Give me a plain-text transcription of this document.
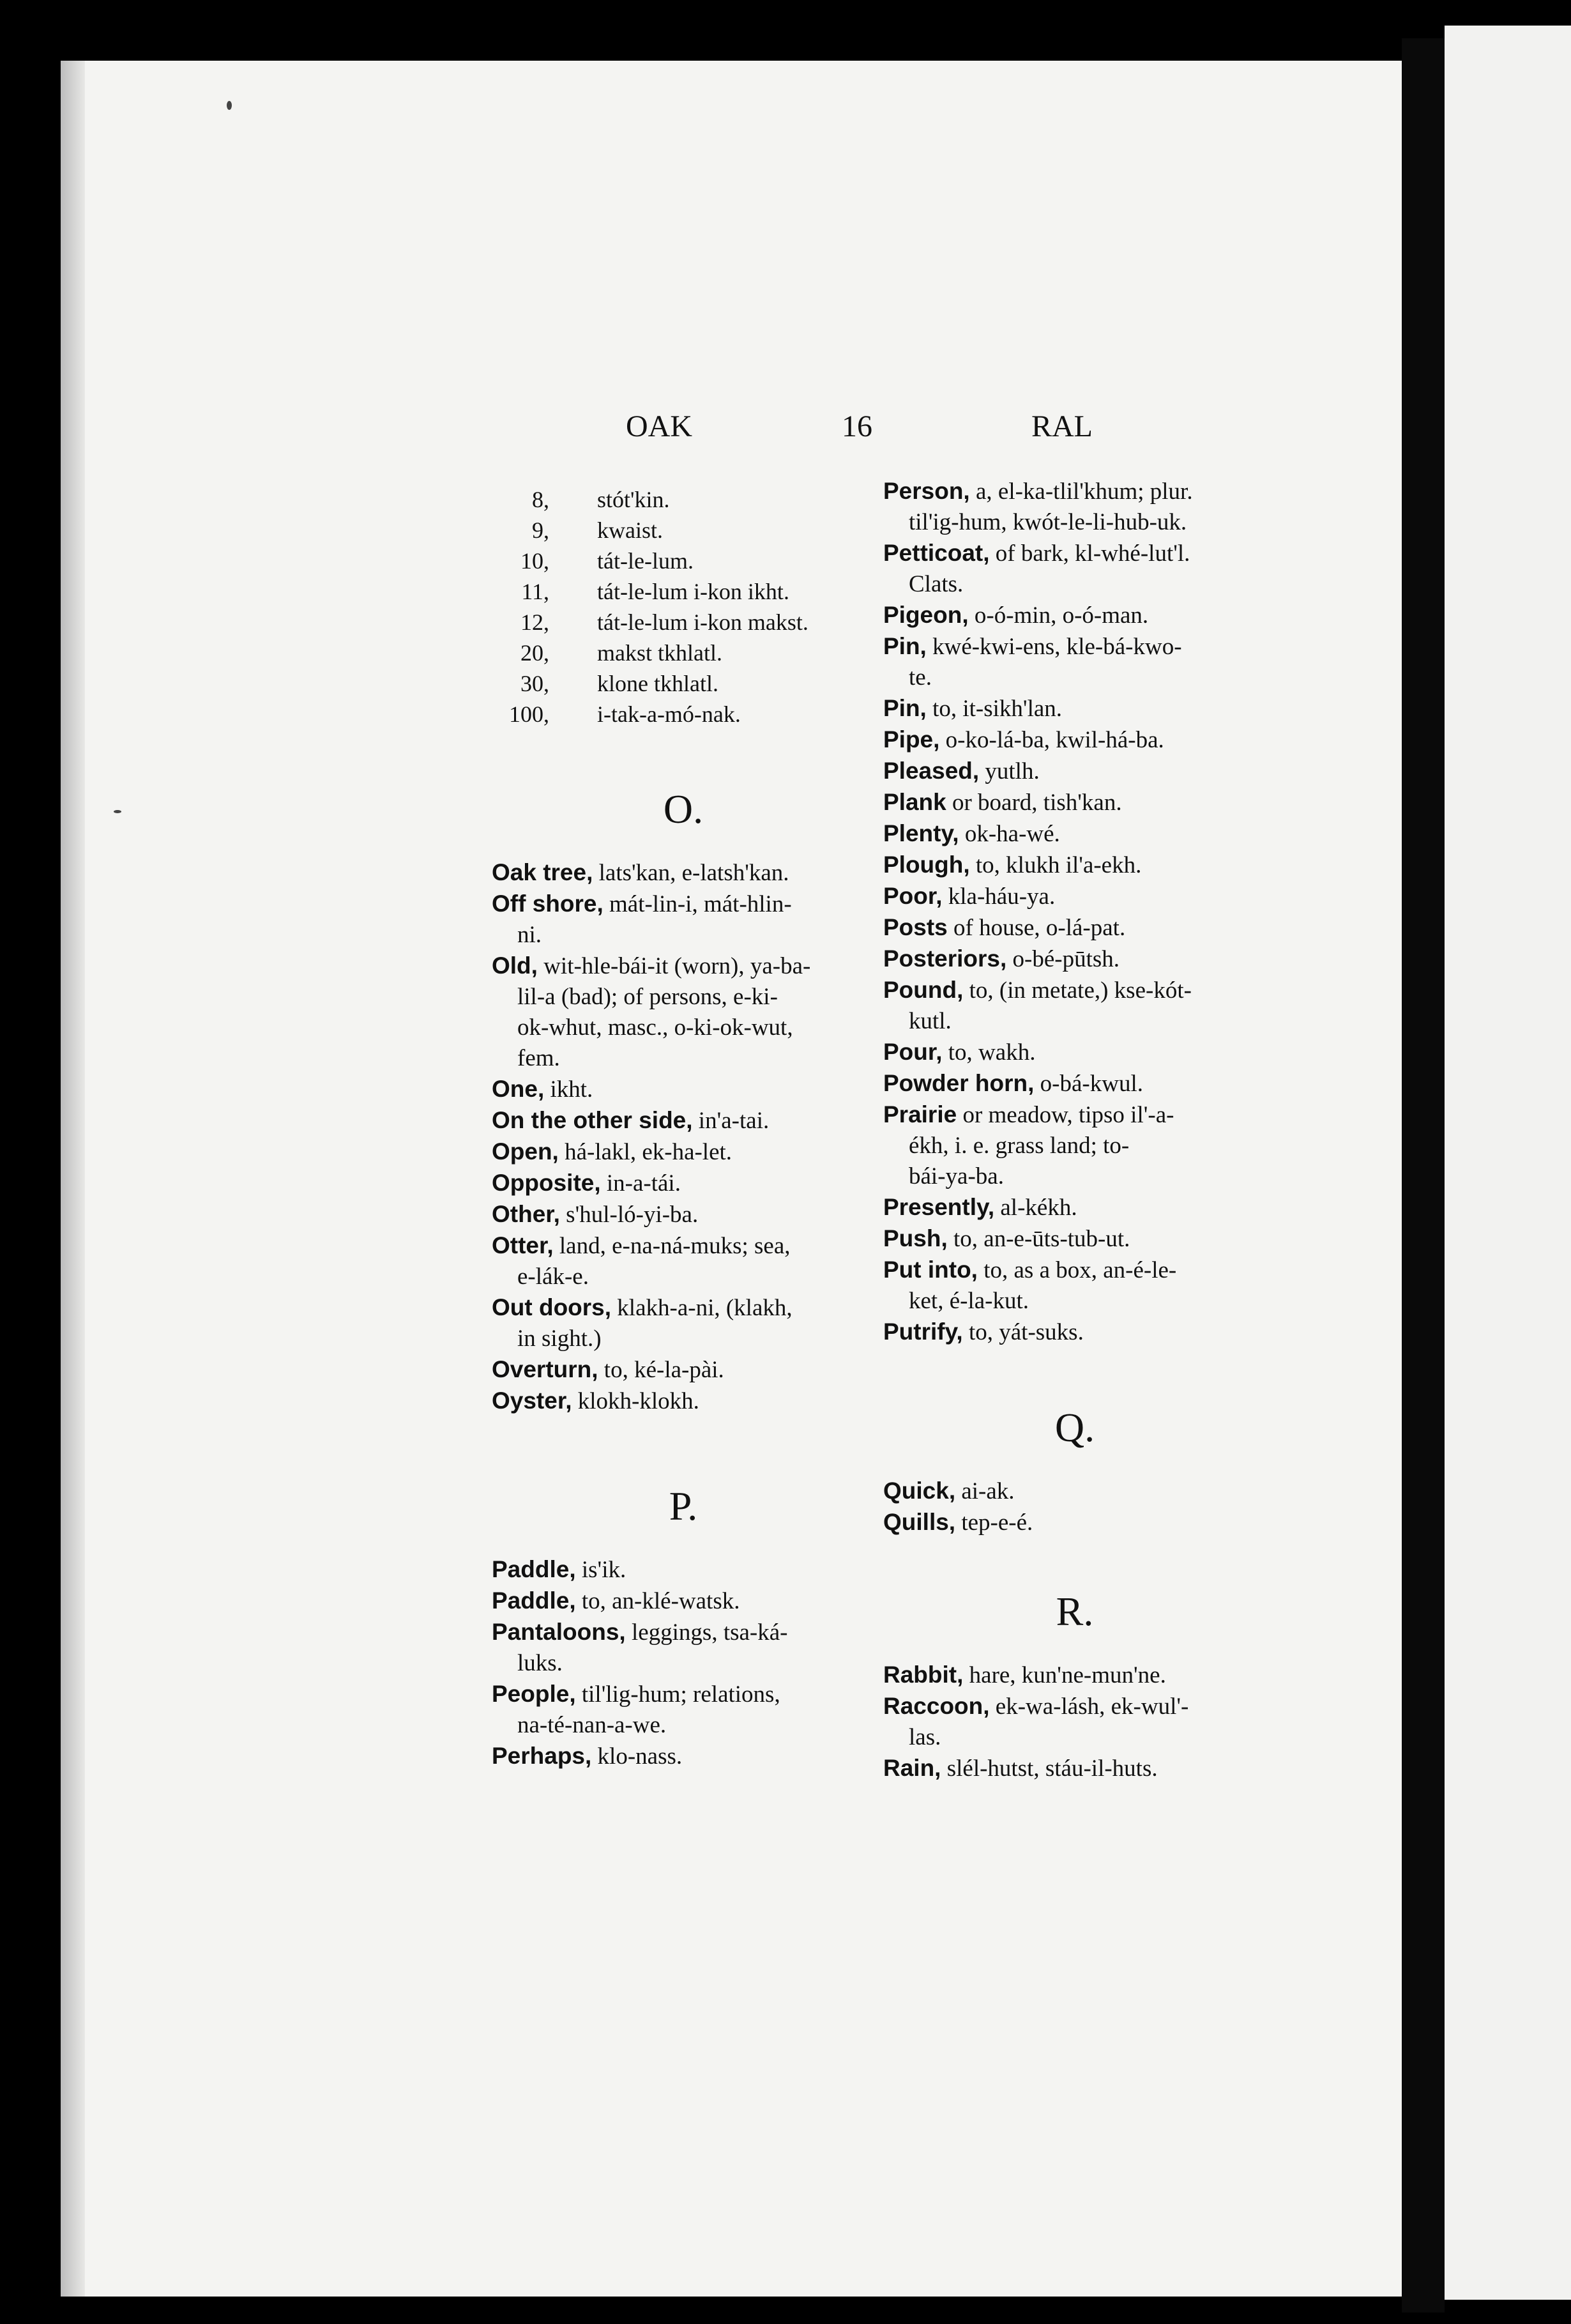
OAK	16	RAL
8,	stót'kin.
9,	kwaist.
10,	tát-le-lum.
11,	tát-le-lum i-kon ikht.
12,	tát-le-lum i-kon makst.
20,	makst tkhlatl.
30,	klone tkhlatl.
100,	i-tak-a-mó-nak.
O.
Oak tree, lats'kan, e-latsh'kan.
Off shore, mát-lin-i, mát-hlin-
ni.
Old, wit-hle-bái-it (worn), ya-ba-
lil-a (bad); of persons, e-ki-
ok-whut, masc., o-ki-ok-wut,
fem.
One, ikht.
On the other side, in'a-tai.
Open, há-lakl, ek-ha-let.
Opposite, in-a-tái.
Other, s'hul-ló-yi-ba.
Otter, land, e-na-ná-muks; sea,
e-lák-e.
Out doors, klakh-a-ni, (klakh,
in sight.)
Overturn, to, ké-la-pài.
Oyster, klokh-klokh.
P.
Paddle, is'ik.
Paddle, to, an-klé-watsk.
Pantaloons, leggings, tsa-ká-
luks.
People, til'lig-hum; relations,
na-té-nan-a-we.
Perhaps, klo-nass.
Person, a, el-ka-tlil'khum; plur.
til'ig-hum, kwót-le-li-hub-uk.
Petticoat, of bark, kl-whé-lut'l.
Clats.
Pigeon, o-ó-min, o-ó-man.
Pin, kwé-kwi-ens, kle-bá-kwo-
te.
Pin, to, it-sikh'lan.
Pipe, o-ko-lá-ba, kwil-há-ba.
Pleased, yutlh.
Plank or board, tish'kan.
Plenty, ok-ha-wé.
Plough, to, klukh il'a-ekh.
Poor, kla-háu-ya.
Posts of house, o-lá-pat.
Posteriors, o-bé-pūtsh.
Pound, to, (in metate,) kse-kót-
kutl.
Pour, to, wakh.
Powder horn, o-bá-kwul.
Prairie or meadow, tipso il'-a-
ékh, i. e. grass land; to-
bái-ya-ba.
Presently, al-kékh.
Push, to, an-e-ūts-tub-ut.
Put into, to, as a box, an-é-le-
ket, é-la-kut.
Putrify, to, yát-suks.
Q.
Quick, ai-ak.
Quills, tep-e-é.
R.
Rabbit, hare, kun'ne-mun'ne.
Raccoon, ek-wa-lásh, ek-wul'-
las.
Rain, slél-hutst, stáu-il-huts.
